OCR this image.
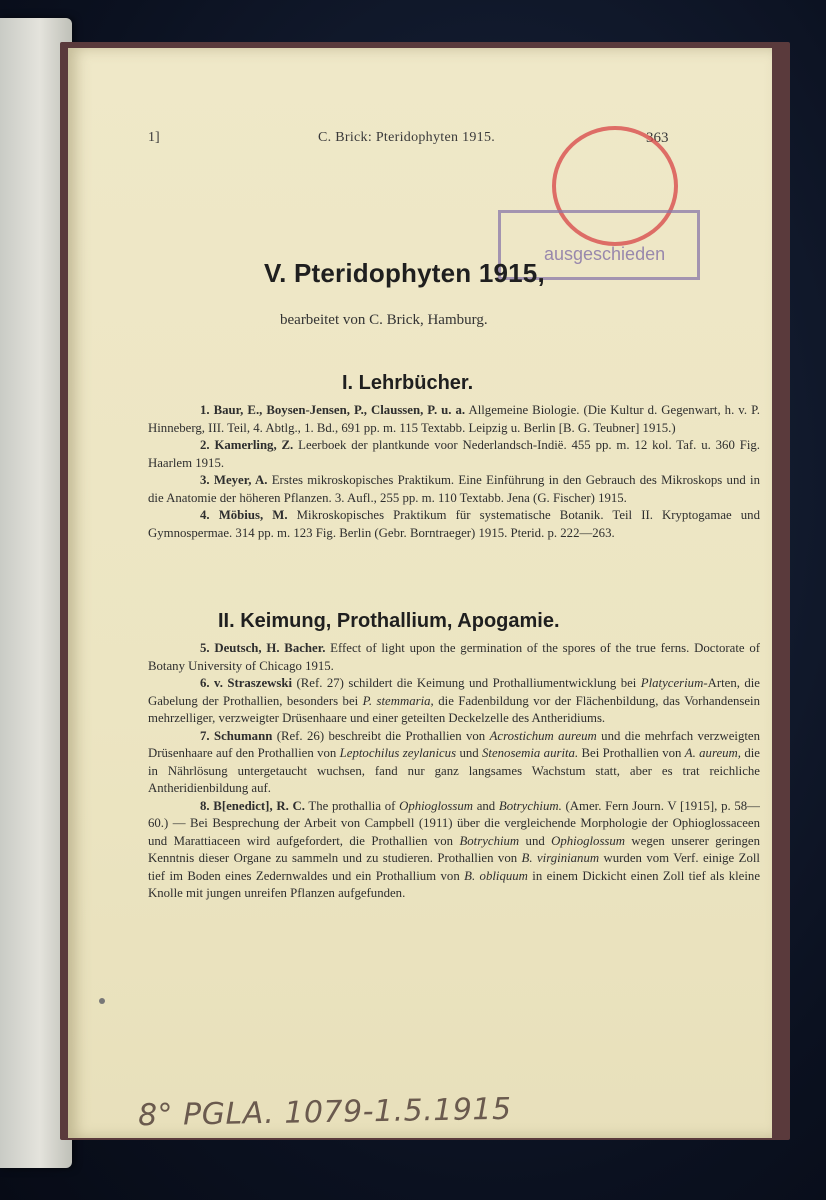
1]	C. Brick: Pteridophyten 1915.	363
ausgeschieden
V. Pteridophyten 1915,
bearbeitet von C. Brick, Hamburg.
I. Lehrbücher.

1. Baur, E., Boysen-Jensen, P., Claussen, P. u. a. Allgemeine Biologie. (Die Kultur d. Gegenwart, h. v. P. Hinneberg, III. Teil, 4. Abtlg., 1. Bd., 691 pp. m. 115 Textabb. Leipzig u. Berlin [B. G. Teubner] 1915.)

2. Kamerling, Z. Leerboek der plantkunde voor Nederlandsch-Indië. 455 pp. m. 12 kol. Taf. u. 360 Fig. Haarlem 1915.

3. Meyer, A. Erstes mikroskopisches Praktikum. Eine Einführung in den Gebrauch des Mikroskops und in die Anatomie der höheren Pflanzen. 3. Aufl., 255 pp. m. 110 Textabb. Jena (G. Fischer) 1915.

4. Möbius, M. Mikroskopisches Praktikum für systematische Botanik. Teil II. Kryptogamae und Gymnospermae. 314 pp. m. 123 Fig. Berlin (Gebr. Borntraeger) 1915. Pterid. p. 222—263.

II. Keimung, Prothallium, Apogamie.

5. Deutsch, H. Bacher. Effect of light upon the germination of the spores of the true ferns. Doctorate of Botany University of Chicago 1915.

6. v. Straszewski (Ref. 27) schildert die Keimung und Prothalliumentwicklung bei Platycerium-Arten, die Gabelung der Prothallien, besonders bei P. stemmaria, die Fadenbildung vor der Flächenbildung, das Vorhandensein mehrzelliger, verzweigter Drüsenhaare und einer geteilten Deckelzelle des Antheridiums.

7. Schumann (Ref. 26) beschreibt die Prothallien von Acrostichum aureum und die mehrfach verzweigten Drüsenhaare auf den Prothallien von Leptochilus zeylanicus und Stenosemia aurita. Bei Prothallien von A. aureum, die in Nährlösung untergetaucht wuchsen, fand nur ganz langsames Wachstum statt, aber es trat reichliche Antheridienbildung auf.

8. B[enedict], R. C. The prothallia of Ophioglossum and Botrychium. (Amer. Fern Journ. V [1915], p. 58—60.) — Bei Besprechung der Arbeit von Campbell (1911) über die vergleichende Morphologie der Ophioglossaceen und Marattiaceen wird aufgefordert, die Prothallien von Botrychium und Ophioglossum wegen unserer geringen Kenntnis dieser Organe zu sammeln und zu studieren. Prothallien von B. virginianum wurden vom Verf. einige Zoll tief im Boden eines Zedernwaldes und ein Prothallium von B. obliquum in einem Dickicht einen Zoll tief als kleine Knolle mit jungen unreifen Pflanzen aufgefunden.

8° PGLA. 1079-1.5.1915
